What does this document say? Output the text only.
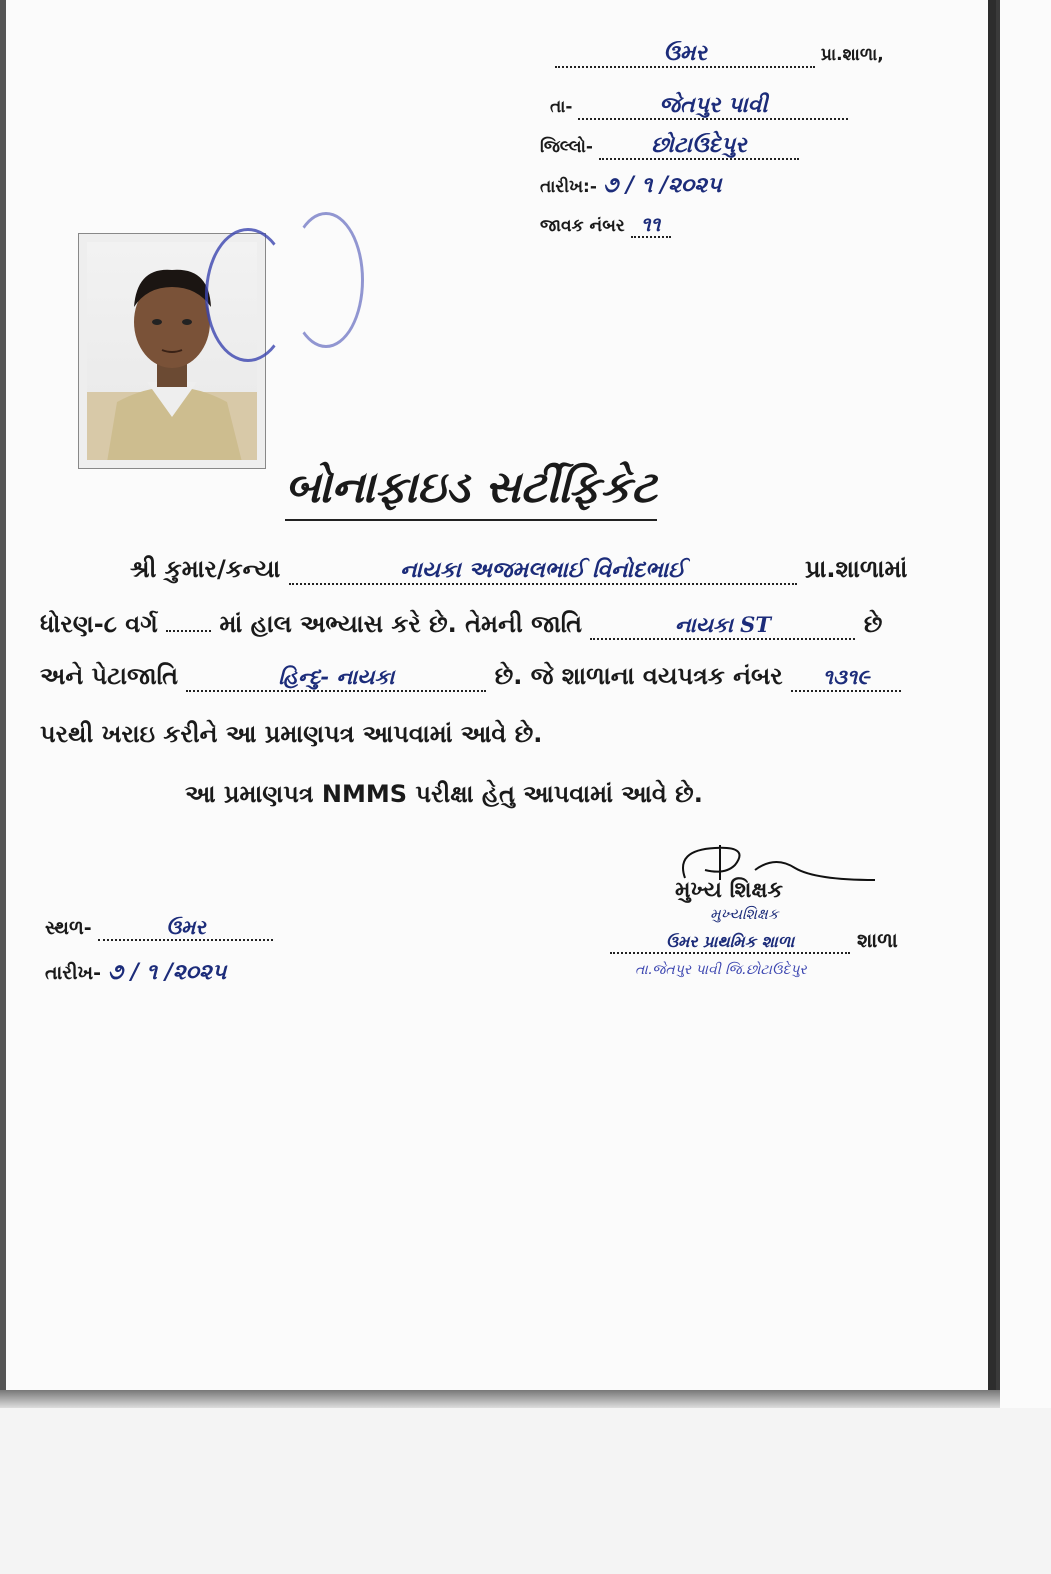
ઉમર	પ્રા.શાળા,
તા-	જેતપુર પાવી
જિલ્લો-	છોટાઉદેપુર
તારીખ:- ૭ / ૧ /૨૦૨૫
જાવક નંબર ૧૧
બોનાફાઇડ સર્ટીફિકેટ
શ્રી કુમાર/કન્યા	નાયકા અજમલભાઈ વિનોદભાઈ	પ્રા.શાળામાં
ધોરણ-૮ વર્ગ	માં હાલ અભ્યાસ કરે છે. તેમની જાતિ	નાયકા ST	છે
અને પેટાજાતિ	હિન્દુ- નાયકા	છે. જે શાળાના વયપત્રક નંબર ૧૩૧૯
પરથી ખરાઇ કરીને આ પ્રમાણપત્ર આપવામાં આવે છે.
આ પ્રમાણપત્ર NMMS પરીક્ષા હેતુ આપવામાં આવે છે.
મુખ્ય શિક્ષક
મુખ્યશિક્ષક
ઉમર પ્રાથમિક શાળા	શાળા
તા.જેતપુર પાવી જિ.છોટાઉદેપુર
સ્થળ-	ઉમર
તારીખ- ૭ / ૧ /૨૦૨૫
